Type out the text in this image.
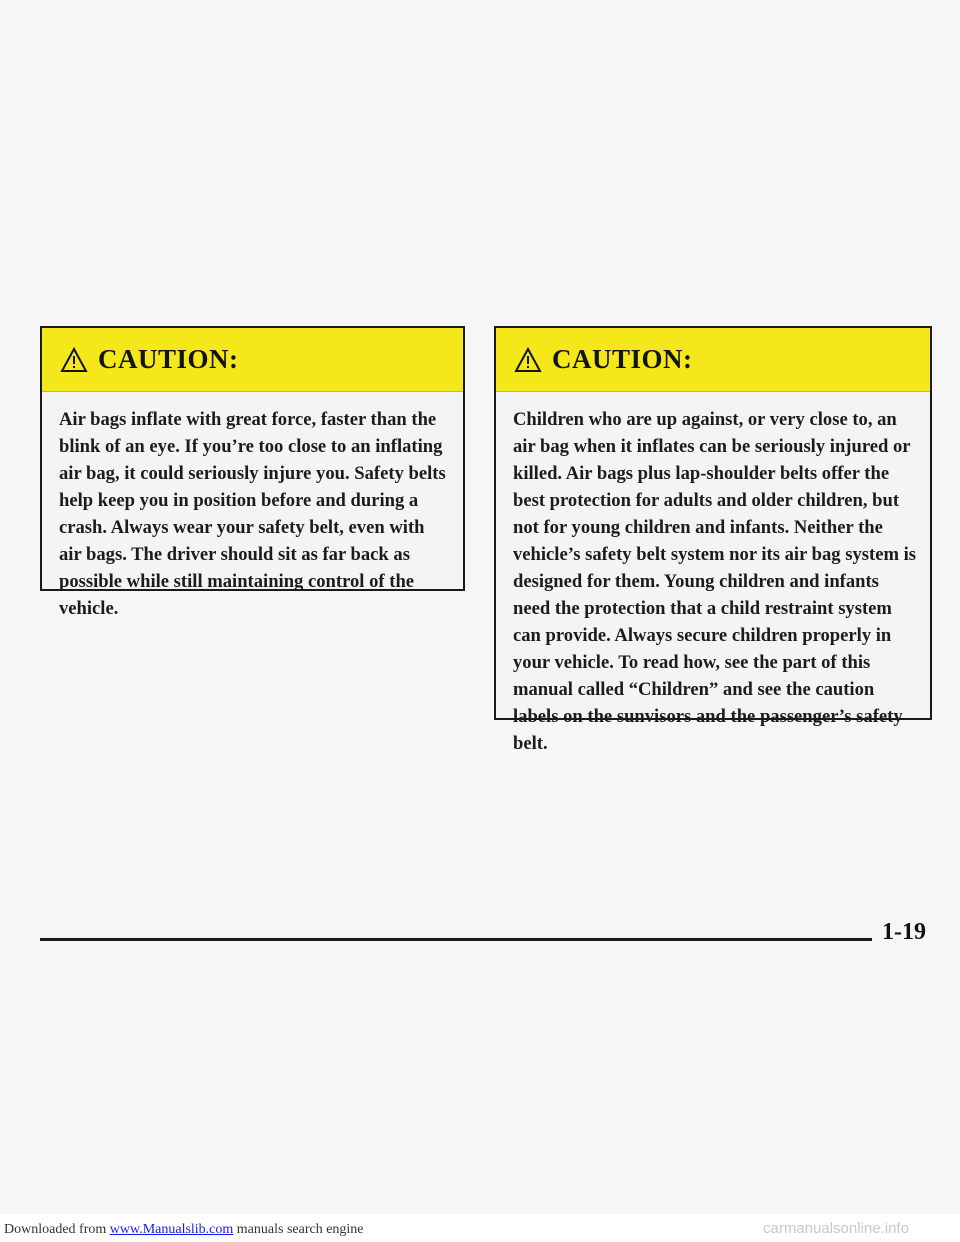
CAUTION:
Air bags inflate with great force, faster than the blink of an eye. If you’re too close to an inflating air bag, it could seriously injure you. Safety belts help keep you in position before and during a crash. Always wear your safety belt, even with air bags. The driver should sit as far back as possible while still maintaining control of the vehicle.
CAUTION:
Children who are up against, or very close to, an air bag when it inflates can be seriously injured or killed. Air bags plus lap-shoulder belts offer the best protection for adults and older children, but not for young children and infants. Neither the vehicle’s safety belt system nor its air bag system is designed for them. Young children and infants need the protection that a child restraint system can provide. Always secure children properly in your vehicle. To read how, see the part of this manual called “Children” and see the caution labels on the sunvisors and the passenger’s safety belt.
1-19
Downloaded from www.Manualslib.com manuals search engine	carmanualsonline.info
